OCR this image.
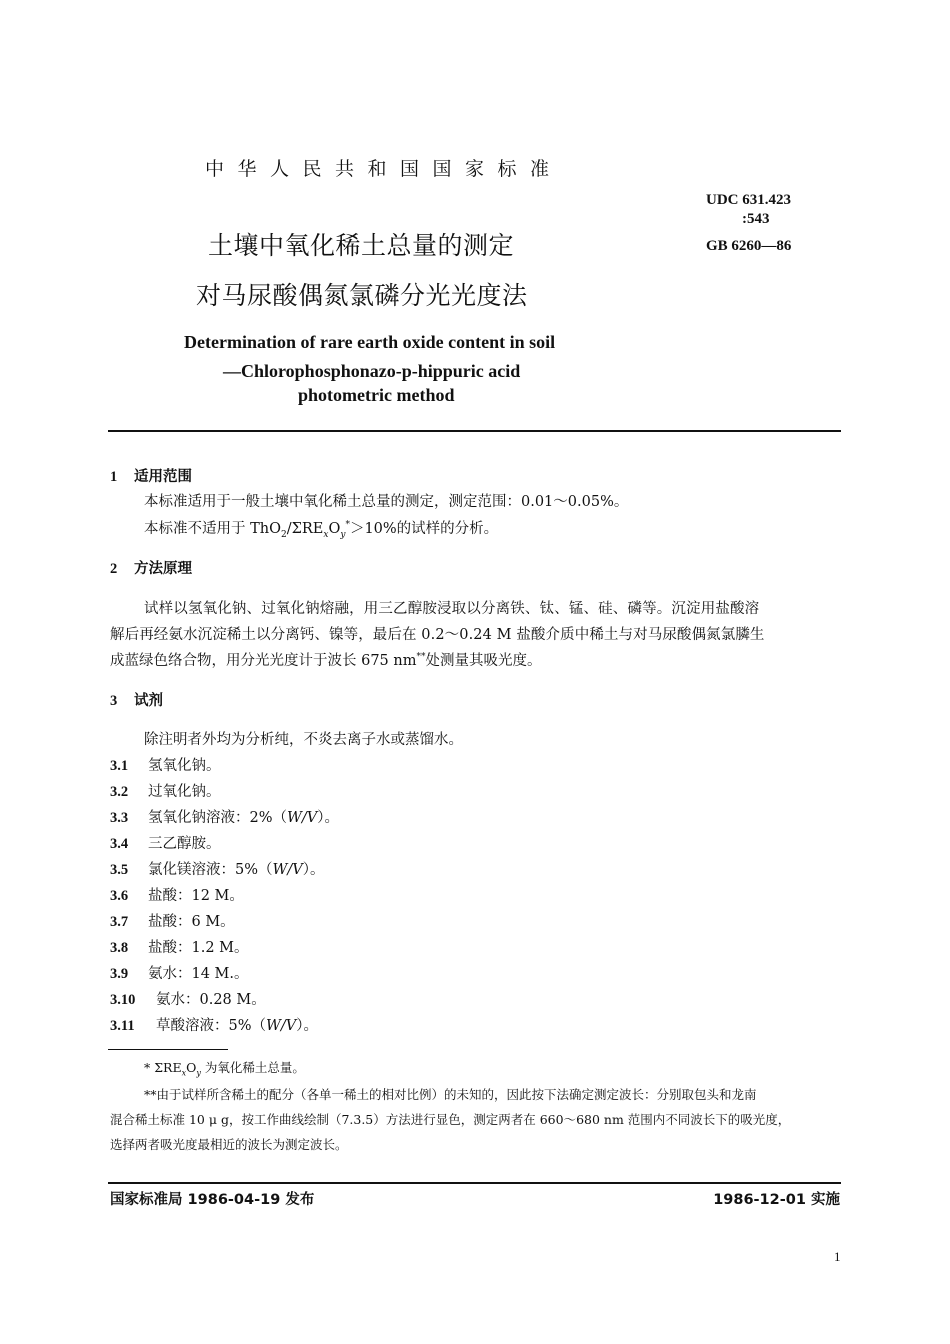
中华人民共和国国家标准
UDC 631.423
:543
GB 6260—86
土壤中氧化稀土总量的测定
对马尿酸偶氮氯磷分光光度法
Determination of rare earth oxide content in soil
—Chlorophosphonazo-p-hippuric acid
photometric method
1 适用范围
本标准适用于一般土壤中氧化稀土总量的测定，测定范围：0.01～0.05%。
本标准不适用于 $ThO_2/\Sigma RE_xO_y^*>10\%$的试样的分析。
2 方法原理
试样以氢氧化钠、过氧化钠熔融，用三乙醇胺浸取以分离铁、钛、锰、硅、磷等。沉淀用盐酸溶
解后再经氨水沉淀稀土以分离钙、镍等，最后在 0.2～0.24 M 盐酸介质中稀土与对马尿酸偶氮氯膦生
成蓝绿色络合物，用分光光度计于波长 675 nm**处测量其吸光度。
3 试剂
除注明者外均为分析纯，不炎去离子水或蒸馏水。
3.1 氢氧化钠。
3.2 过氧化钠。
3.3 氢氧化钠溶液：2%（W/V）。
3.4 三乙醇胺。
3.5 氯化镁溶液：5%（W/V）。
3.6 盐酸：12 M。
3.7 盐酸：6 M。
3.8 盐酸：1.2 M。
3.9 氨水：14 M.。
3.10 氨水：0.28 M。
3.11 草酸溶液：5%（W/V）。
* $\Sigma RE_xO_y$ 为氧化稀土总量。
**由于试样所含稀土的配分（各单一稀土的相对比例）的未知的，因此按下法确定测定波长：分别取包头和龙南
混合稀土标准 10 μ g，按工作曲线绘制（7.3.5）方法进行显色，测定两者在 660～680 nm 范围内不同波长下的吸光度，
选择两者吸光度最相近的波长为测定波长。
国家标准局 1986-04-19 发布	1986-12-01 实施
1
